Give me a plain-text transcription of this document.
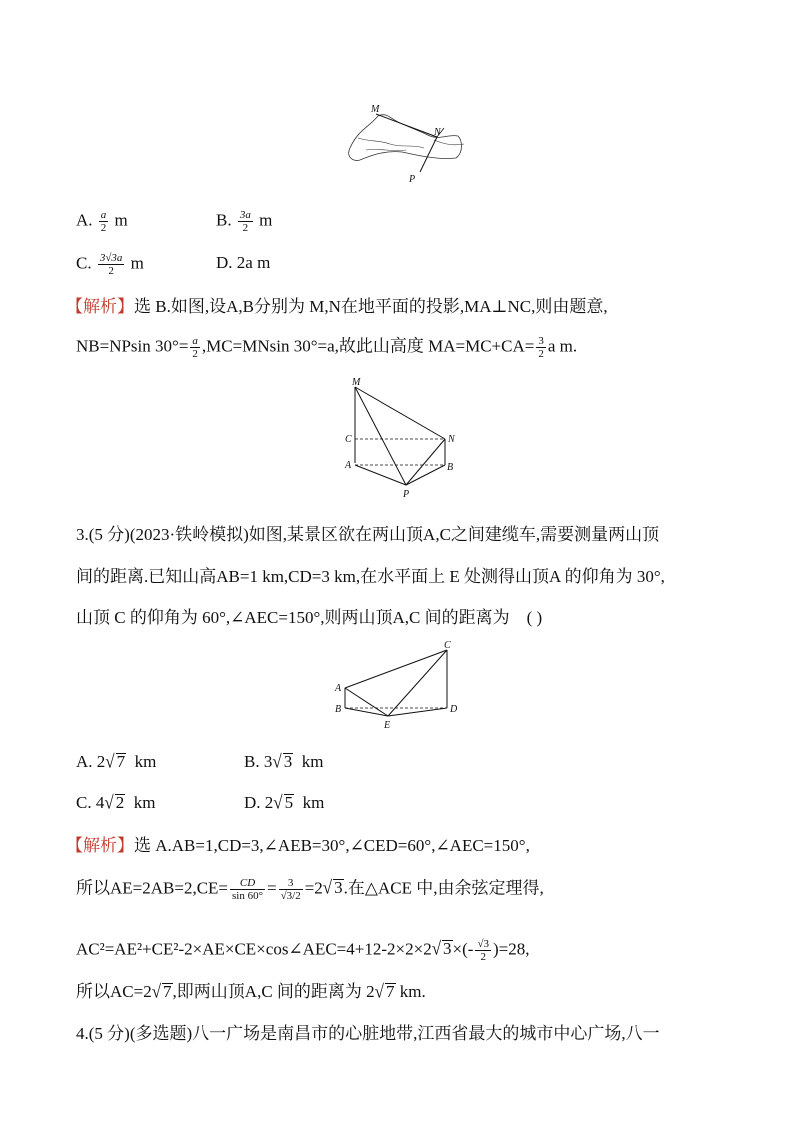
M
N
P
A. $\frac{a}{2}$ m	B. $\frac{3a}{2}$ m
C. $\frac{3√3a}{2}$ m	D. 2a m
【解析】选 B.如图,设A,B分别为 M,N在地平面的投影,MA⊥NC,则由题意,
NB=NPsin $30^\circ= \frac{a}{2} ,MC=MNsin$ 30°=a,故此山高度 $MA=MC+CA= \frac{3}{2}$ a m.
M
C
A
N
B
P
3.(5 分)(2023·铁岭模拟)如图,某景区欲在两山顶A,C之间建缆车,需要测量两山顶
间的距离.已知山高AB=1 km,CD=3 km,在水平面上 E 处测得山顶A 的仰角为 30°,
山顶 C 的仰角为 60°,∠AEC=150°,则两山顶A,C 间的距离为 ( )
A
B
C
D
E
A. 2√ 7 km	B. 3√ 3 km
C. 4√ 2 km	D. 2√ 5 km
【解析】选 A.AB=1,CD=3,∠AEB=30°,∠CED=60°,∠AEC=150°,
所以$AE=2AB=2,CE= \frac{CD}{\sin 60^\circ} = \frac{3}{√3/2} =2√$ 3.在△ACE 中,由余弦定理得,
AC²=AE²+CE²-2×AE×CE×cos∠AEC=4+12-2×2×2√ $3\times(- \frac{√3}{2} )=28$,
所以AC=2√ 7,即两山顶A,C 间的距离为 2√ 7 km.
4.(5 分)(多选题)八一广场是南昌市的心脏地带,江西省最大的城市中心广场,八一
